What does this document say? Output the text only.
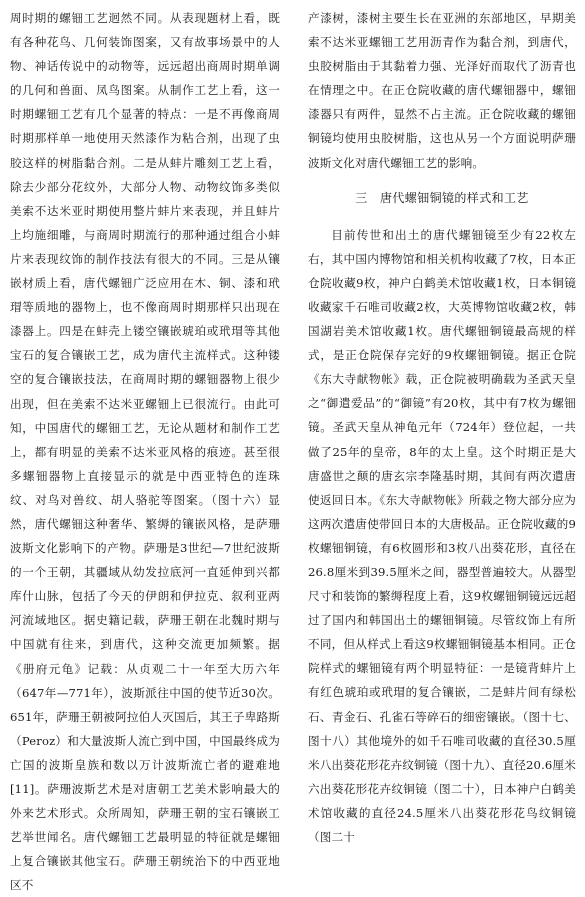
周时期的螺钿工艺迥然不同。从表现题材上看，既有各种花鸟、几何装饰图案，又有故事场景中的人物、神话传说中的动物等，远远超出商周时期单调的几何和兽面、凤鸟图案。从制作工艺上看，这一时期螺钿工艺有几个显著的特点：一是不再像商周时期那样单一地使用天然漆作为粘合剂，出现了虫胶这样的树脂黏合剂。二是从蚌片雕刻工艺上看，除去少部分花纹外，大部分人物、动物纹饰多类似美索不达米亚时期使用整片蚌片来表现，并且蚌片上均施细雕，与商周时期流行的那种通过组合小蚌片来表现纹饰的制作技法有很大的不同。三是从镶嵌材质上看，唐代螺钿广泛应用在木、铜、漆和玳瑁等质地的器物上，也不像商周时期那样只出现在漆器上。四是在蚌壳上镂空镶嵌琥珀或玳瑁等其他宝石的复合镶嵌工艺，成为唐代主流样式。这种镂空的复合镶嵌技法，在商周时期的螺钿器物上很少出现，但在美索不达米亚螺钿上已很流行。由此可知，中国唐代的螺钿工艺，无论从题材和制作工艺上，都有明显的美索不达米亚风格的痕迹。甚至很多螺钿器物上直接显示的就是中西亚特色的连珠纹、对鸟对兽纹、胡人骆驼等图案。（图十六）显然，唐代螺钿这种奢华、繁缛的镶嵌风格，是萨珊波斯文化影响下的产物。萨珊是3世纪—7世纪波斯的一个王朝，其疆域从幼发拉底河一直延伸到兴都库什山脉，包括了今天的伊朗和伊拉克、叙利亚两河流域地区。据史籍记载，萨珊王朝在北魏时期与中国就有往来，到唐代，这种交流更加频繁。据《册府元龟》记载：从贞观二十一年至大历六年（647年—771年），波斯派往中国的使节近30次。651年，萨珊王朝被阿拉伯人灭国后，其王子卑路斯（Peroz）和大量波斯人流亡到中国，中国最终成为亡国的波斯皇族和数以万计波斯流亡者的避难地 [11]。萨珊波斯艺术是对唐朝工艺美术影响最大的外来艺术形式。众所周知，萨珊王朝的宝石镶嵌工艺举世闻名。唐代螺钿工艺最明显的特征就是螺钿上复合镶嵌其他宝石。萨珊王朝统治下的中西亚地区不

产漆树，漆树主要生长在亚洲的东部地区，早期美索不达米亚螺钿工艺用沥青作为黏合剂，到唐代，虫胶树脂由于其黏着力强、光泽好而取代了沥青也在情理之中。在正仓院收藏的唐代螺钿器中，螺钿漆器只有两件，显然不占主流。正仓院收藏的螺钿铜镜均使用虫胶树脂，这也从另一个方面说明萨珊波斯文化对唐代螺钿工艺的影响。

三　唐代螺钿铜镜的样式和工艺

目前传世和出土的唐代螺钿镜至少有22枚左右，其中国内博物馆和相关机构收藏了7枚，日本正仓院收藏9枚，神户白鹤美术馆收藏1枚，日本铜镜收藏家千石唯司收藏2枚，大英博物馆收藏2枚，韩国湖岩美术馆收藏1枚。唐代螺钿铜镜最高规的样式，是正仓院保存完好的9枚螺钿铜镜。据正仓院《东大寺献物帐》载，正仓院被明确载为圣武天皇之“御遣爱品”的“御镜”有20枚，其中有7枚为螺钿镜。圣武天皇从神龟元年（724年）登位起，一共做了25年的皇帝，8年的太上皇。这个时期正是大唐盛世之颠的唐玄宗李隆基时期，其间有两次遣唐使返回日本。《东大寺献物帐》所载之物大部分应为这两次遣唐使带回日本的大唐极品。正仓院收藏的9枚螺钿铜镜，有6枚圆形和3枚八出葵花形，直径在26.8厘米到39.5厘米之间，器型普遍较大。从器型尺寸和装饰的繁缛程度上看，这9枚螺钿铜镜远远超过了国内和韩国出土的螺钿铜镜。尽管纹饰上有所不同，但从样式上看这9枚螺钿铜镜基本相同。正仓院样式的螺钿镜有两个明显特征：一是镜背蚌片上有红色琥珀或玳瑁的复合镶嵌，二是蚌片间有绿松石、青金石、孔雀石等碎石的细密镶嵌。（图十七、图十八）其他境外的如千石唯司收藏的直径30.5厘米八出葵花形花卉纹铜镜（图十九）、直径20.6厘米六出葵花形花卉纹铜镜（图二十），日本神户白鹤美术馆收藏的直径24.5厘米八出葵花形花鸟纹铜镜（图二十
